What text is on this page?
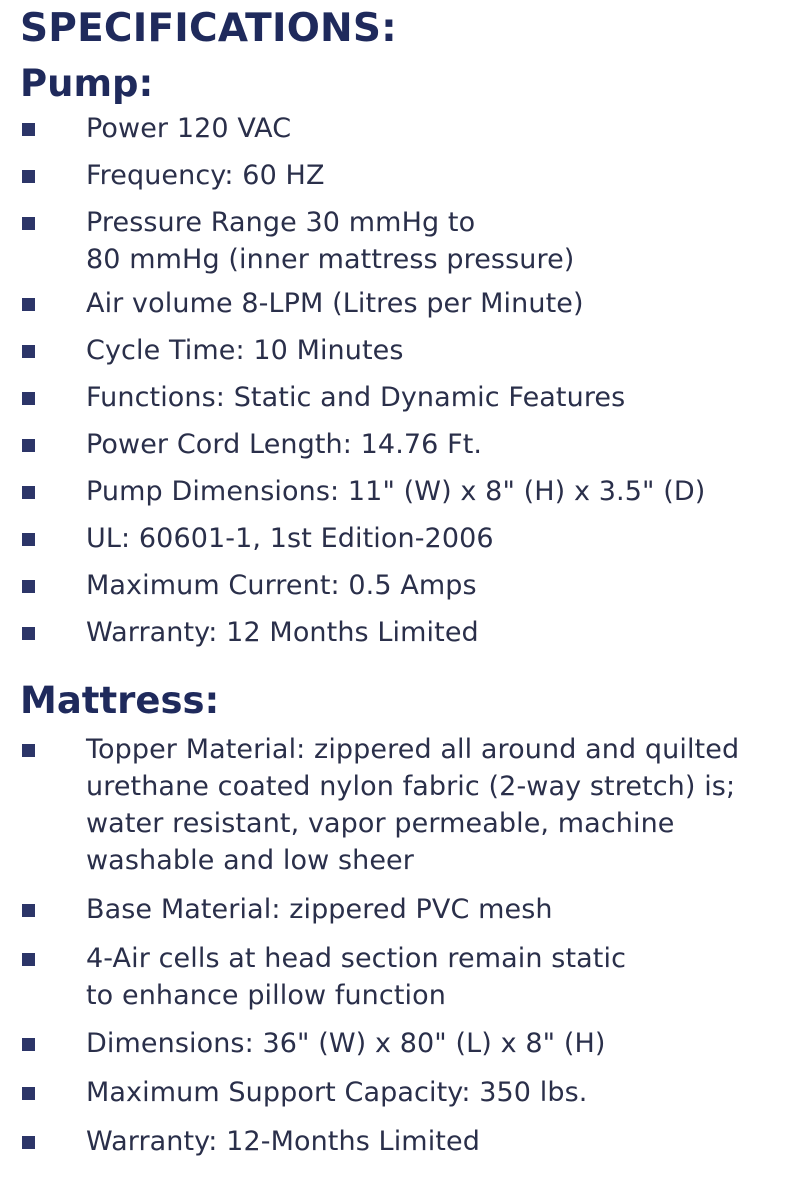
SPECIFICATIONS:
Pump:
Power 120 VAC
Frequency: 60 HZ
Pressure Range 30 mmHg to
80 mmHg (inner mattress pressure)
Air volume 8-LPM (Litres per Minute)
Cycle Time: 10 Minutes
Functions: Static and Dynamic Features
Power Cord Length: 14.76 Ft.
Pump Dimensions: 11" (W) x 8" (H) x 3.5" (D)
UL: 60601-1, 1st Edition-2006
Maximum Current: 0.5 Amps
Warranty: 12 Months Limited
Mattress:
Topper Material: zippered all around and quilted
urethane coated nylon fabric (2-way stretch) is;
water resistant, vapor permeable, machine
washable and low sheer
Base Material: zippered PVC mesh
4-Air cells at head section remain static
to enhance pillow function
Dimensions: 36" (W) x 80" (L) x 8" (H)
Maximum Support Capacity: 350 lbs.
Warranty: 12-Months Limited
